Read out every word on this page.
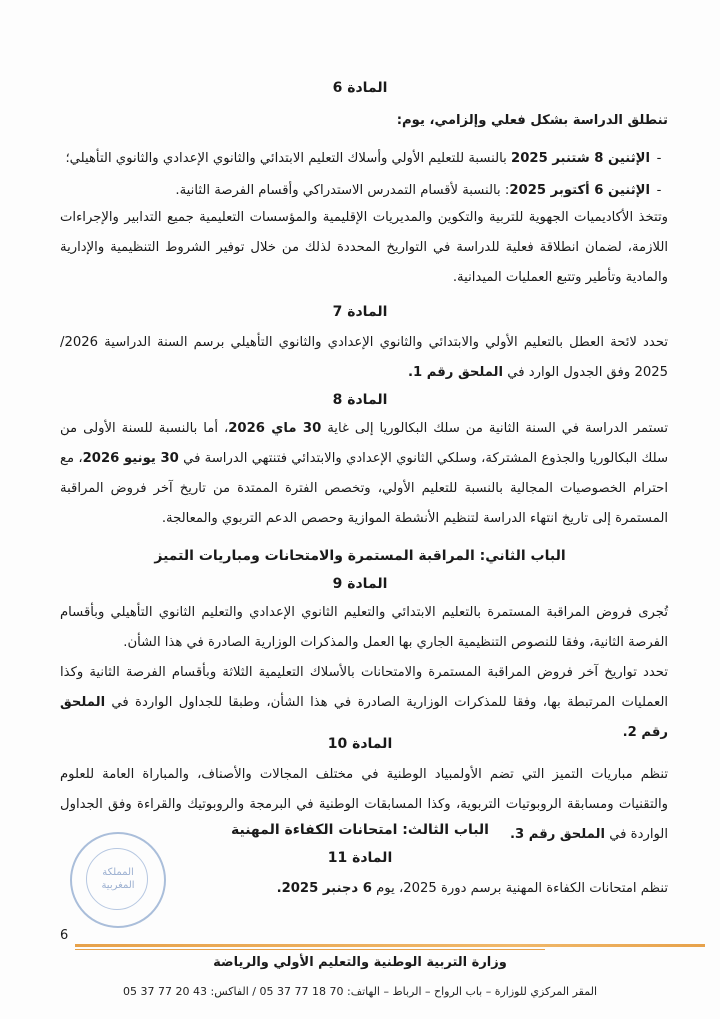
المادة 6
تنطلق الدراسة بشكل فعلي وإلزامي، يوم:
-الإثنين 8 شتنبر 2025 بالنسبة للتعليم الأولي وأسلاك التعليم الابتدائي والثانوي الإعدادي والثانوي التأهيلي؛
-الإثنين 6 أكتوبر 2025: بالنسبة لأقسام التمدرس الاستدراكي وأقسام الفرصة الثانية.
وتتخذ الأكاديميات الجهوية للتربية والتكوين والمديريات الإقليمية والمؤسسات التعليمية جميع التدابير والإجراءات اللازمة، لضمان انطلاقة فعلية للدراسة في التواريخ المحددة لذلك من خلال توفير الشروط التنظيمية والإدارية والمادية وتأطير وتتبع العمليات الميدانية.
المادة 7
تحدد لائحة العطل بالتعليم الأولي والابتدائي والثانوي الإعدادي والثانوي التأهيلي برسم السنة الدراسية 2026/ 2025 وفق الجدول الوارد في الملحق رقم 1.
المادة 8
تستمر الدراسة في السنة الثانية من سلك البكالوريا إلى غاية 30 ماي 2026، أما بالنسبة للسنة الأولى من سلك البكالوريا والجذوع المشتركة، وسلكي الثانوي الإعدادي والابتدائي فتنتهي الدراسة في 30 يونيو 2026، مع احترام الخصوصيات المجالية بالنسبة للتعليم الأولي، وتخصص الفترة الممتدة من تاريخ آخر فروض المراقبة المستمرة إلى تاريخ انتهاء الدراسة لتنظيم الأنشطة الموازية وحصص الدعم التربوي والمعالجة.
الباب الثاني: المراقبة المستمرة والامتحانات ومباريات التميز
المادة 9
تُجرى فروض المراقبة المستمرة بالتعليم الابتدائي والتعليم الثانوي الإعدادي والتعليم الثانوي التأهيلي وبأقسام الفرصة الثانية، وفقا للنصوص التنظيمية الجاري بها العمل والمذكرات الوزارية الصادرة في هذا الشأن.
تحدد تواريخ آخر فروض المراقبة المستمرة والامتحانات بالأسلاك التعليمية الثلاثة وبأقسام الفرصة الثانية وكذا العمليات المرتبطة بها، وفقا للمذكرات الوزارية الصادرة في هذا الشأن، وطبقا للجداول الواردة في الملحق رقم 2.
المادة 10
تنظم مباريات التميز التي تضم الأولمبياد الوطنية في مختلف المجالات والأصناف، والمباراة العامة للعلوم والتقنيات ومسابقة الروبوتيات التربوية، وكذا المسابقات الوطنية في البرمجة والروبوتيك والقراءة وفق الجداول الواردة في الملحق رقم 3.
الباب الثالث: امتحانات الكفاءة المهنية
المادة 11
تنظم امتحانات الكفاءة المهنية برسم دورة 2025، يوم 6 دجنبر 2025.
المملكة
المغربية
6
وزارة التربية الوطنية والتعليم الأولي والرياضة
المقر المركزي للوزارة – باب الرواح – الرباط – الهاتف: 70 18 77 37 05 / الفاكس: 43 20 77 37 05
